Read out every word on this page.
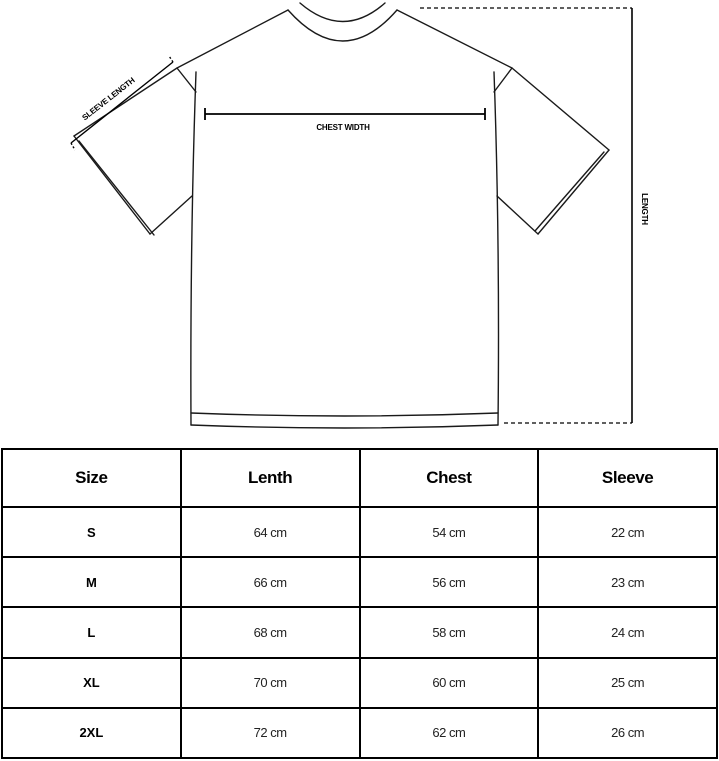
CHEST WIDTH
SLEEVE LENGTH
LENGTH
Size	Lenth	Chest	Sleeve
S	64 cm	54 cm	22 cm
M	66 cm	56 cm	23 cm
L	68 cm	58 cm	24 cm
XL	70 cm	60 cm	25 cm
2XL	72 cm	62 cm	26 cm
